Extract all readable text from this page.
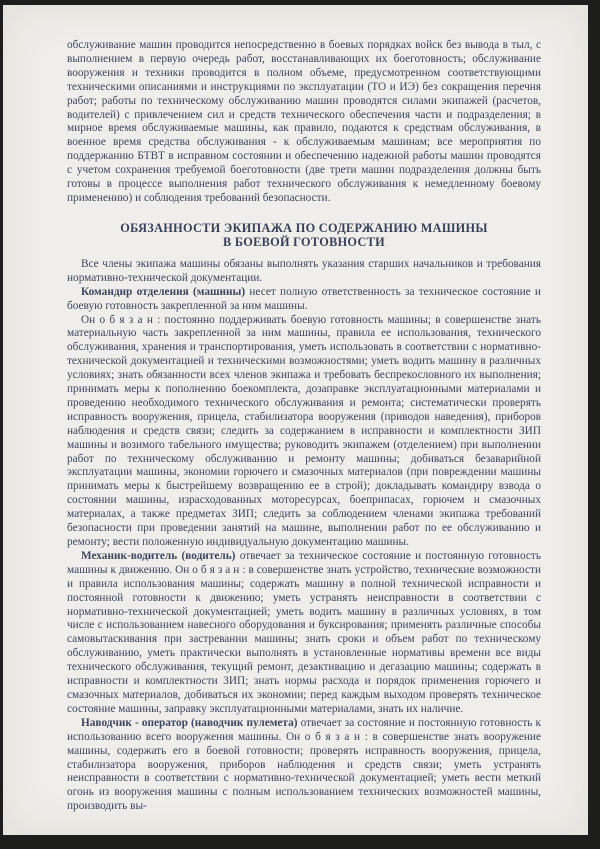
обслуживание машин проводится непосредственно в боевых порядках войск без вывода в тыл, с выполнением в первую очередь работ, восстанавливающих их боеготовность; обслуживание вооружения и техники проводится в полном объеме, предусмотренном соответствующими техническими описаниями и инструкциями по эксплуатации (ТО и ИЭ) без сокращения перечня работ; работы по техническому обслуживанию машин проводятся силами экипажей (расчетов, водителей) с привлечением сил и средств технического обеспечения части и подразделения; в мирное время обслуживаемые машины, как правило, подаются к средствам обслуживания, в военное время средства обслуживания - к обслуживаемым машинам; все мероприятия по поддержанию БТВТ в исправном состоянии и обеспечению надежной работы машин проводятся с учетом сохранения требуемой боеготовности (две трети машин подразделения должны быть готовы в процессе выполнения работ технического обслуживания к немедленному боевому применению) и соблюдения требований безопасности.

ОБЯЗАННОСТИ ЭКИПАЖА ПО СОДЕРЖАНИЮ МАШИНЫ
В БОЕВОЙ ГОТОВНОСТИ

Все члены экипажа машины обязаны выполнять указания старших начальников и требования нормативно-технической документации.

Командир отделения (машины) несет полную ответственность за техническое состояние и боевую готовность закрепленной за ним машины.

Он о б я з а н : постоянно поддерживать боевую готовность машины; в совершенстве знать материальную часть закрепленной за ним машины, правила ее использования, технического обслуживания, хранения и транспортирования, уметь использовать в соответствии с нормативно-технической документацией и техническими возможностями; уметь водить машину в различных условиях; знать обязанности всех членов экипажа и требовать беспрекословного их выполнения; принимать меры к пополнению боекомплекта, дозаправке эксплуатационными материалами и проведению необходимого технического обслуживания и ремонта; систематически проверять исправность вооружения, прицела, стабилизатора вооружения (приводов наведения), приборов наблюдения и средств связи; следить за содержанием в исправности и комплектности ЗИП машины и возимого табельного имущества; руководить экипажем (отделением) при выполнении работ по техническому обслуживанию и ремонту машины; добиваться безаварийной эксплуатации машины, экономии горючего и смазочных материалов (при повреждении машины принимать меры к быстрейшему возвращению ее в строй); докладывать командиру взвода о состоянии машины, израсходованных моторесурсах, боеприпасах, горючем и смазочных материалах, а также предметах ЗИП; следить за соблюдением членами экипажа требований безопасности при проведении занятий на машине, выполнении работ по ее обслуживанию и ремонту; вести положенную индивидуальную документацию машины.

Механик-водитель (водитель) отвечает за техническое состояние и постоянную готовность машины к движению. Он о б я з а н : в совершенстве знать устройство, технические возможности и правила использования машины; содержать машину в полной технической исправности и постоянной готовности к движению; уметь устранять неисправности в соответствии с нормативно-технической документацией; уметь водить машину в различных условиях, в том числе с использованием навесного оборудования и буксирования; применять различные способы самовытаскивания при застревании машины; знать сроки и объем работ по техническому обслуживанию, уметь практически выполнять в установленные нормативы времени все виды технического обслуживания, текущий ремонт, дезактивацию и дегазацию машины; содержать в исправности и комплектности ЗИП; знать нормы расхода и порядок применения горючего и смазочных материалов, добиваться их экономии; перед каждым выходом проверять техническое состояние машины, заправку эксплуатационными материалами, знать их наличие.

Наводчик - оператор (наводчик пулемета) отвечает за состояние и постоянную готовность к использованию всего вооружения машины. Он о б я з а н : в совершенстве знать вооружение машины, содержать его в боевой готовности; проверять исправность вооружения, прицела, стабилизатора вооружения, приборов наблюдения и средств связи; уметь устранять неисправности в соответствии с нормативно-технической документацией; уметь вести меткий огонь из вооружения машины с полным использованием технических возможностей машины, производить вы-
